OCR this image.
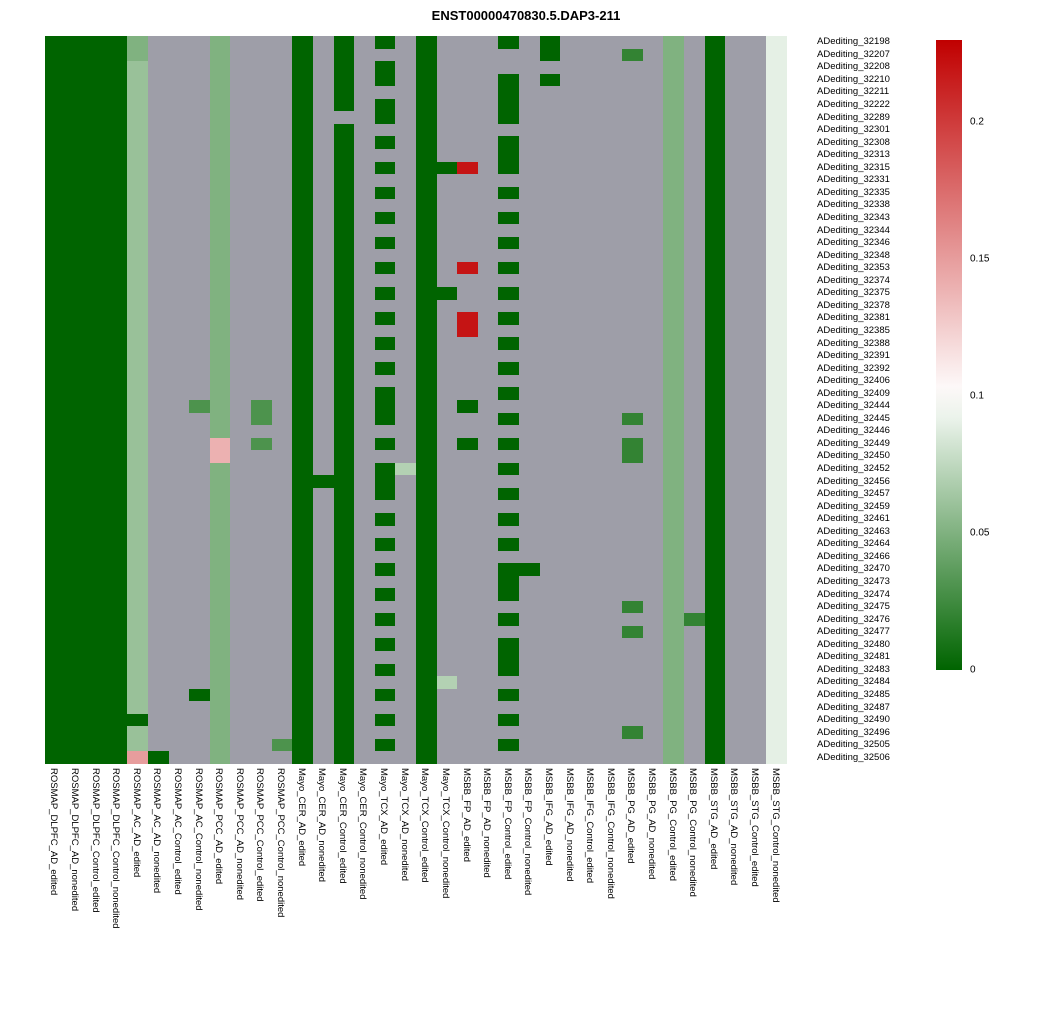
ENST00000470830.5.DAP3-211
ADediting_32198
ADediting_32207
ADediting_32208
ADediting_32210
ADediting_32211
ADediting_32222
ADediting_32289
ADediting_32301
ADediting_32308
ADediting_32313
ADediting_32315
ADediting_32331
ADediting_32335
ADediting_32338
ADediting_32343
ADediting_32344
ADediting_32346
ADediting_32348
ADediting_32353
ADediting_32374
ADediting_32375
ADediting_32378
ADediting_32381
ADediting_32385
ADediting_32388
ADediting_32391
ADediting_32392
ADediting_32406
ADediting_32409
ADediting_32444
ADediting_32445
ADediting_32446
ADediting_32449
ADediting_32450
ADediting_32452
ADediting_32456
ADediting_32457
ADediting_32459
ADediting_32461
ADediting_32463
ADediting_32464
ADediting_32466
ADediting_32470
ADediting_32473
ADediting_32474
ADediting_32475
ADediting_32476
ADediting_32477
ADediting_32480
ADediting_32481
ADediting_32483
ADediting_32484
ADediting_32485
ADediting_32487
ADediting_32490
ADediting_32496
ADediting_32505
ADediting_32506
ROSMAP_DLPFC_AD_edited ROSMAP_DLPFC_AD_nonedited ROSMAP_DLPFC_Control_edited ROSMAP_DLPFC_Control_nonedited ROSMAP_AC_AD_edited ROSMAP_AC_AD_nonedited ROSMAP_AC_Control_edited ROSMAP_AC_Control_nonedited ROSMAP_PCC_AD_edited ROSMAP_PCC_AD_nonedited ROSMAP_PCC_Control_edited ROSMAP_PCC_Control_nonedited Mayo_CER_AD_edited Mayo_CER_AD_nonedited Mayo_CER_Control_edited Mayo_CER_Control_nonedited Mayo_TCX_AD_edited Mayo_TCX_AD_nonedited Mayo_TCX_Control_edited Mayo_TCX_Control_nonedited MSBB_FP_AD_edited MSBB_FP_AD_nonedited MSBB_FP_Control_edited MSBB_FP_Control_nonedited MSBB_IFG_AD_edited MSBB_IFG_AD_nonedited MSBB_IFG_Control_edited MSBB_IFG_Control_nonedited MSBB_PG_AD_edited MSBB_PG_AD_nonedited MSBB_PG_Control_edited MSBB_PG_Control_nonedited MSBB_STG_AD_edited MSBB_STG_AD_nonedited MSBB_STG_Control_edited MSBB_STG_Control_nonedited
0
0.05
0.1
0.15
0.2
